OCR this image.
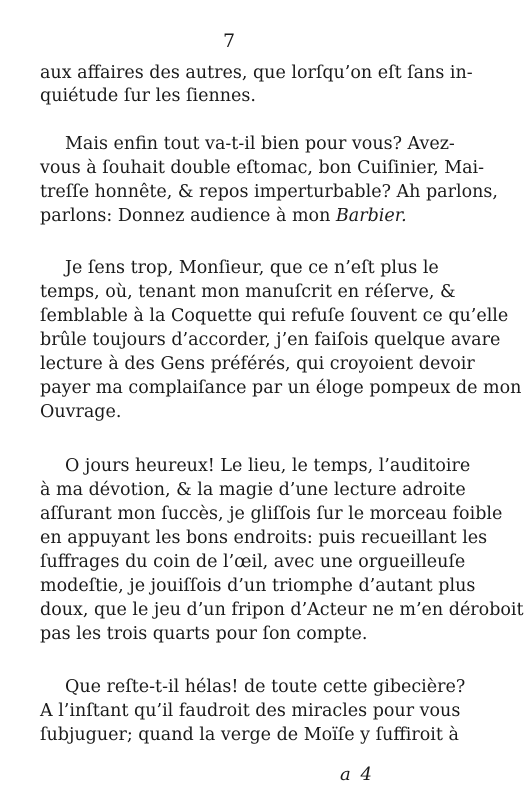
7
aux affaires des autres, que lorſqu’on eſt ſans in-
quiétude ſur les ſiennes.
Mais enfin tout va-t-il bien pour vous? Avez-
vous à ſouhait double eſtomac, bon Cuiſinier, Mai-
treſſe honnête, & repos imperturbable? Ah parlons,
parlons: Donnez audience à mon Barbier.
Je ſens trop, Monſieur, que ce n’eſt plus le
temps, où, tenant mon manuſcrit en réſerve, &
ſemblable à la Coquette qui refuſe ſouvent ce qu’elle
brûle toujours d’accorder, j’en faiſois quelque avare
lecture à des Gens préférés, qui croyoient devoir
payer ma complaiſance par un éloge pompeux de mon
Ouvrage.
O jours heureux! Le lieu, le temps, l’auditoire
à ma dévotion, & la magie d’une lecture adroite
aſſurant mon ſuccès, je gliſſois ſur le morceau foible
en appuyant les bons endroits: puis recueillant les
ſuffrages du coin de l’œil, avec une orgueilleuſe
modeſtie, je jouiſſois d’un triomphe d’autant plus
doux, que le jeu d’un fripon d’Acteur ne m’en déroboit
pas les trois quarts pour ſon compte.
Que reſte-t-il hélas! de toute cette gibecière?
A l’inſtant qu’il faudroit des miracles pour vous
ſubjuguer; quand la verge de Moïſe y ſuffiroit à
a 4
